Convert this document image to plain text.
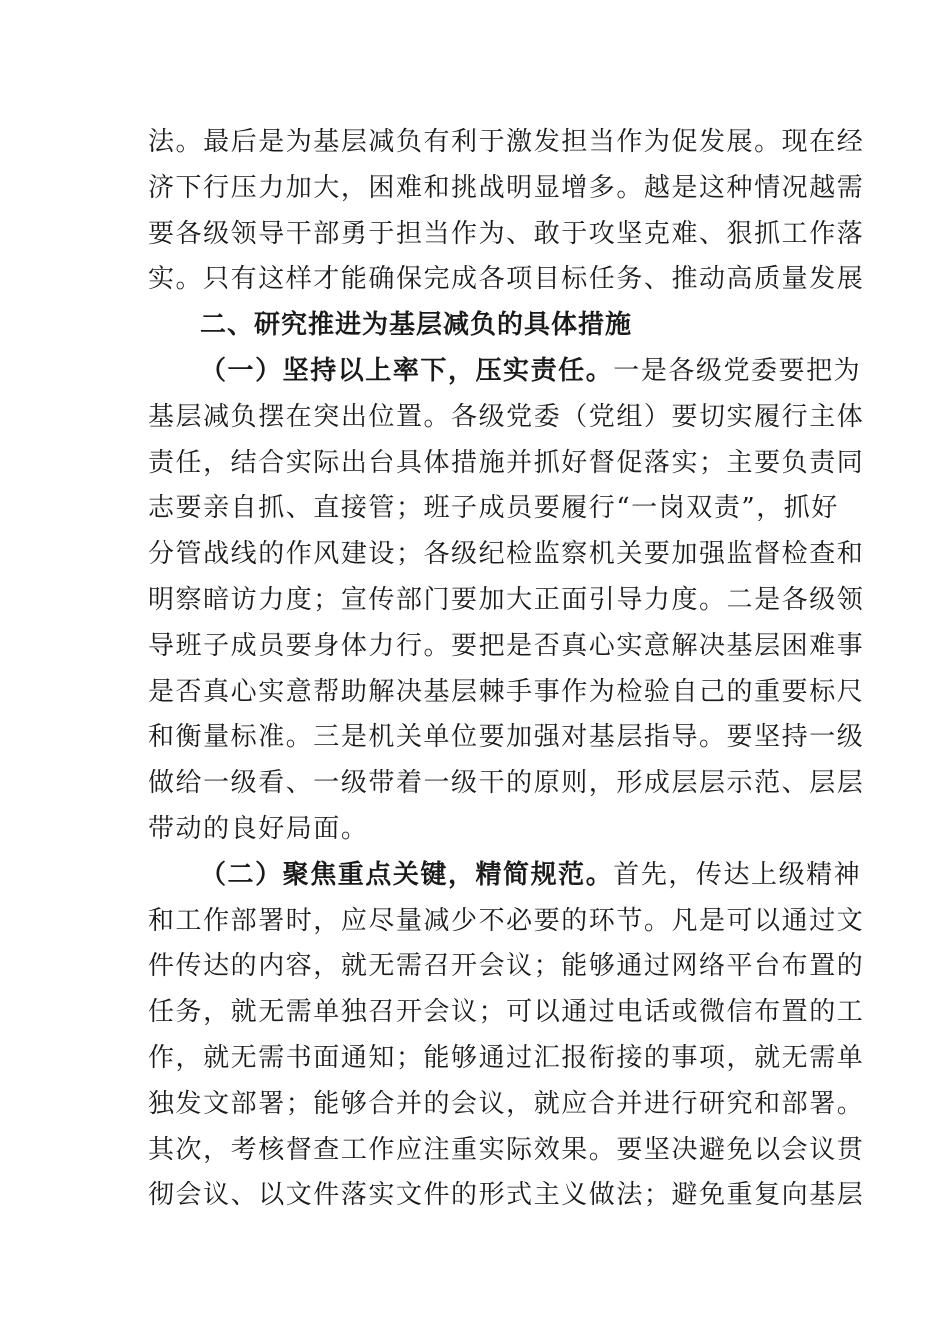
法。最后是为基层减负有利于激发担当作为促发展。现在经
济下行压力加大，困难和挑战明显增多。越是这种情况越需
要各级领导干部勇于担当作为、敢于攻坚克难、狠抓工作落
实。只有这样才能确保完成各项目标任务、推动高质量发展
二、研究推进为基层减负的具体措施
（一）坚持以上率下，压实责任。一是各级党委要把为
基层减负摆在突出位置。各级党委（党组）要切实履行主体
责任，结合实际出台具体措施并抓好督促落实；主要负责同
志要亲自抓、直接管；班子成员要履行“一岗双责”，抓好
分管战线的作风建设；各级纪检监察机关要加强监督检查和
明察暗访力度；宣传部门要加大正面引导力度。二是各级领
导班子成员要身体力行。要把是否真心实意解决基层困难事
是否真心实意帮助解决基层棘手事作为检验自己的重要标尺
和衡量标准。三是机关单位要加强对基层指导。要坚持一级
做给一级看、一级带着一级干的原则，形成层层示范、层层
带动的良好局面。
（二）聚焦重点关键，精简规范。首先，传达上级精神
和工作部署时，应尽量减少不必要的环节。凡是可以通过文
件传达的内容，就无需召开会议；能够通过网络平台布置的
任务，就无需单独召开会议；可以通过电话或微信布置的工
作，就无需书面通知；能够通过汇报衔接的事项，就无需单
独发文部署；能够合并的会议，就应合并进行研究和部署。
其次，考核督查工作应注重实际效果。要坚决避免以会议贯
彻会议、以文件落实文件的形式主义做法；避免重复向基层
